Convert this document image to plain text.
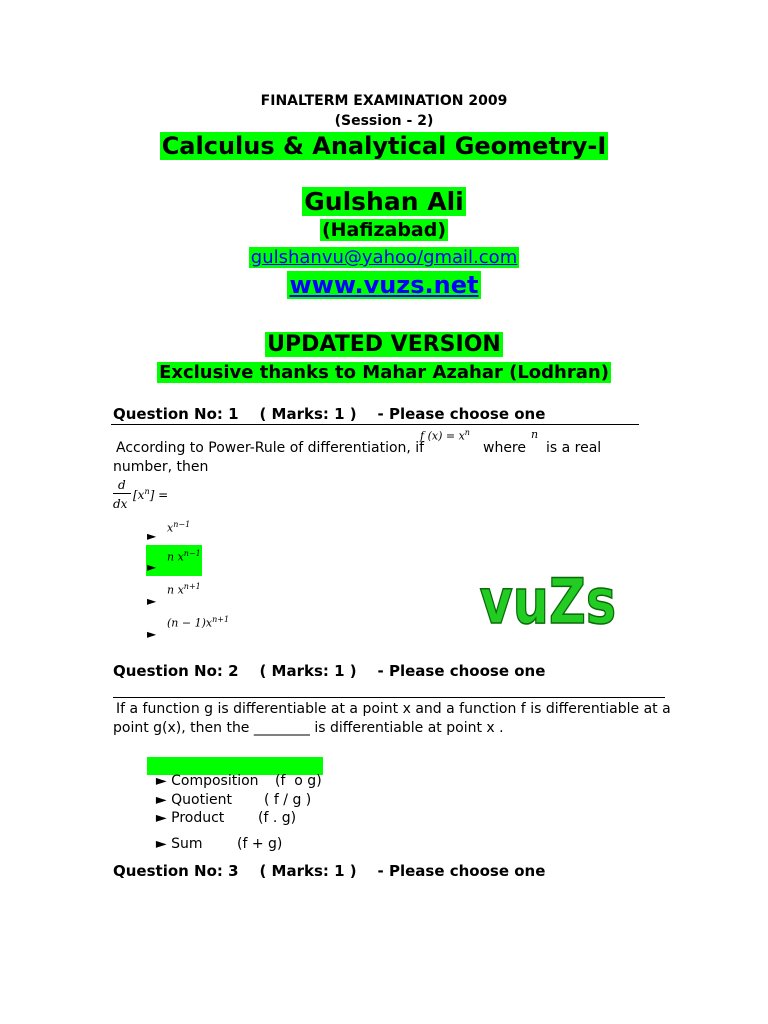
FINALTERM EXAMINATION 2009
(Session - 2)
Calculus & Analytical Geometry-I
Gulshan Ali
(Hafizabad)
gulshanvu@yahoo/gmail.com
www.vuzs.net
UPDATED VERSION
Exclusive thanks to Mahar Azahar (Lodhran)
Question No: 1    ( Marks: 1 )    - Please choose one
According to Power-Rule of differentiation, if
f $(x) = x^n$
where
n
is a real
number, then
d
dx
$[x^n]$ =
►
$x^{n-1}$
►
n $x^{n-1}$
►
n $x^{n+1}$
►
$(n - 1)x^{n+1}$	vuZs
Question No: 2    ( Marks: 1 )    - Please choose one
If a function g is differentiable at a point x and a function f is differentiable at a
point g(x), then the ________ is differentiable at point x .

► Composition (f  o g)

► Quotient ( f / g )

► Product (f . g)

► Sum (f + g)

Question No: 3    ( Marks: 1 )    - Please choose one
